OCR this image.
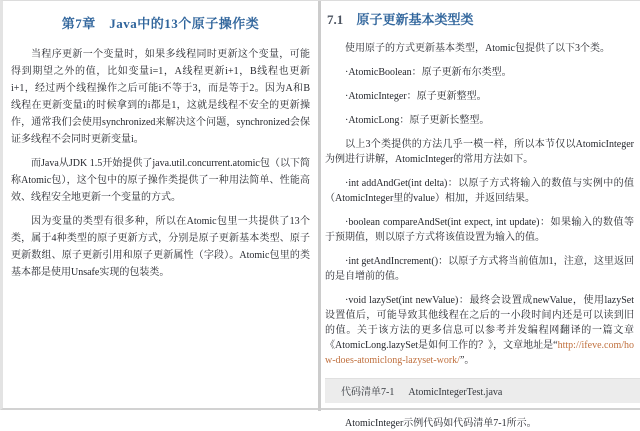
第7章　Java中的13个原子操作类

当程序更新一个变量时，如果多线程同时更新这个变量，可能得到期望之外的值，比如变量i=1，A线程更新i+1，B线程也更新i+1，经过两个线程操作之后可能i不等于3，而是等于2。因为A和B线程在更新变量i的时候拿到的i都是1，这就是线程不安全的更新操作，通常我们会使用synchronized来解决这个问题，synchronized会保证多线程不会同时更新变量i。

而Java从JDK 1.5开始提供了java.util.concurrent.atomic包（以下简称Atomic包），这个包中的原子操作类提供了一种用法简单、性能高效、线程安全地更新一个变量的方式。

因为变量的类型有很多种，所以在Atomic包里一共提供了13个类，属于4种类型的原子更新方式，分别是原子更新基本类型、原子更新数组、原子更新引用和原子更新属性（字段）。Atomic包里的类基本都是使用Unsafe实现的包装类。

7.1 原子更新基本类型类

使用原子的方式更新基本类型，Atomic包提供了以下3个类。

·AtomicBoolean：原子更新布尔类型。

·AtomicInteger：原子更新整型。

·AtomicLong：原子更新长整型。

以上3个类提供的方法几乎一模一样，所以本节仅以AtomicInteger为例进行讲解，AtomicInteger的常用方法如下。

·int addAndGet(int delta)：以原子方式将输入的数值与实例中的值（AtomicInteger里的value）相加，并返回结果。

·boolean compareAndSet(int expect, int update)：如果输入的数值等于预期值，则以原子方式将该值设置为输入的值。

·int getAndIncrement()：以原子方式将当前值加1，注意，这里返回的是自增前的值。

·void lazySet(int newValue)：最终会设置成newValue，使用lazySet设置值后，可能导致其他线程在之后的一小段时间内还是可以读到旧的值。关于该方法的更多信息可以参考并发编程网翻译的一篇文章《AtomicLong.lazySet是如何工作的？》，文章地址是“http://ifeve.com/how-does-atomiclong-lazyset-work/”。

AtomicInteger示例代码如代码清单7-1所示。

代码清单7-1 AtomicIntegerTest.java
